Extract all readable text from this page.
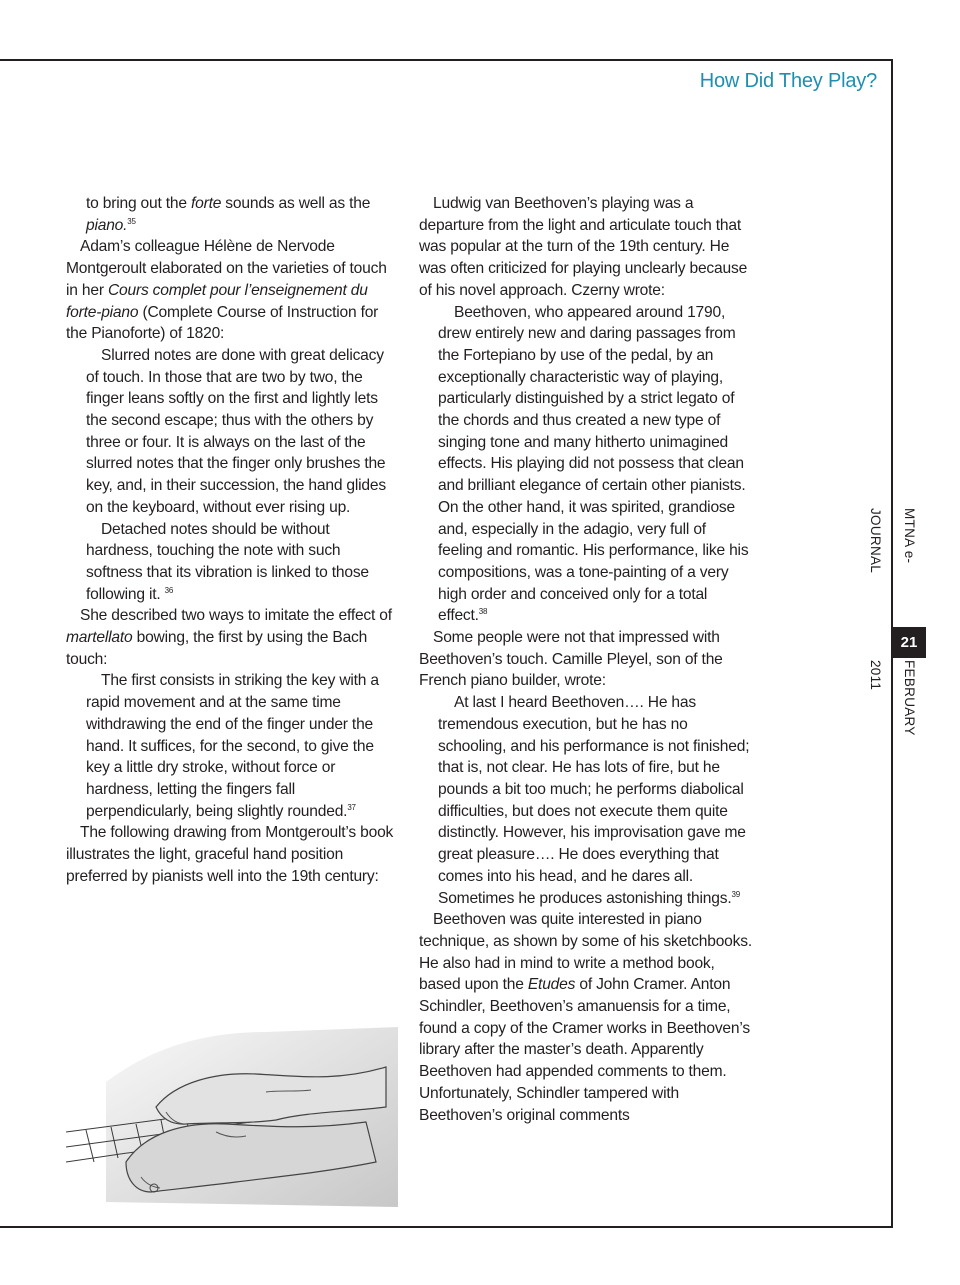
How Did They Play?

to bring out the forte sounds as well as the piano.$^{35}$

Adam’s colleague Hélène de Nervode Montgeroult elaborated on the varieties of touch in her Cours complet pour l’enseignement du forte-piano (Complete Course of Instruction for the Pianoforte) of 1820:

Slurred notes are done with great delicacy of touch. In those that are two by two, the finger leans softly on the first and lightly lets the second escape; thus with the others by three or four. It is always on the last of the slurred notes that the finger only brushes the key, and, in their succession, the hand glides on the keyboard, without ever rising up.

Detached notes should be without hardness, touching the note with such softness that its vibration is linked to those following it. $^{36}$

She described two ways to imitate the effect of martellato bowing, the first by using the Bach touch:

The first consists in striking the key with a rapid movement and at the same time withdrawing the end of the finger under the hand. It suffices, for the second, to give the key a little dry stroke, without force or hardness, letting the fingers fall perpendicularly, being slightly rounded.$^{37}$

The following drawing from Montgeroult’s book illustrates the light, graceful hand position preferred by pianists well into the 19th century:

Ludwig van Beethoven’s playing was a departure from the light and articulate touch that was popular at the turn of the 19th century. He was often criticized for playing unclearly because of his novel approach. Czerny wrote:

Beethoven, who appeared around 1790, drew entirely new and daring passages from the Fortepiano by use of the pedal, by an exceptionally characteristic way of playing, particularly distinguished by a strict legato of the chords and thus created a new type of singing tone and many hitherto unimagined effects. His playing did not possess that clean and brilliant elegance of certain other pianists. On the other hand, it was spirited, grandiose and, especially in the adagio, very full of feeling and romantic. His performance, like his compositions, was a tone-painting of a very high order and conceived only for a total effect.$^{38}$

Some people were not that impressed with Beethoven’s touch. Camille Pleyel, son of the French piano builder, wrote:

At last I heard Beethoven…. He has tremendous execution, but he has no schooling, and his performance is not finished; that is, not clear. He has lots of fire, but he pounds a bit too much; he performs diabolical difficulties, but does not execute them quite distinctly. However, his improvisation gave me great pleasure…. He does everything that comes into his head, and he dares all. Sometimes he produces astonishing things.$^{39}$

Beethoven was quite interested in piano technique, as shown by some of his sketchbooks. He also had in mind to write a method book, based upon the Etudes of John Cramer. Anton Schindler, Beethoven’s amanuensis for a time, found a copy of the Cramer works in Beethoven’s library after the master’s death. Apparently Beethoven had appended comments to them. Unfortunately, Schindler tampered with Beethoven’s original comments

MTNA e-JOURNAL
21
FEBRUARY 2011
